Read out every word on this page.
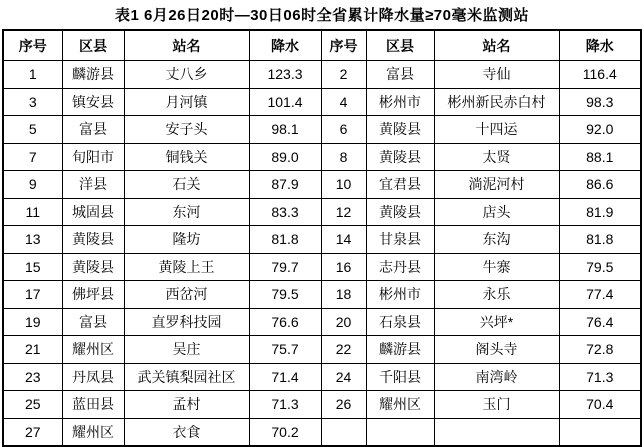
表1 6月26日20时—30日06时全省累计降水量≥70毫米监测站
序号	区县	站名	降水	序号	区县	站名	降水
1	麟游县	丈八乡	123.3	2	富县	寺仙	116.4
3	镇安县	月河镇	101.4	4	彬州市	彬州新民赤白村	98.3
5	富县	安子头	98.1	6	黄陵县	十四运	92.0
7	旬阳市	铜钱关	89.0	8	黄陵县	太贤	88.1
9	洋县	石关	87.9	10	宜君县	淌泥河村	86.6
11	城固县	东河	83.3	12	黄陵县	店头	81.9
13	黄陵县	隆坊	81.8	14	甘泉县	东沟	81.8
15	黄陵县	黄陵上王	79.7	16	志丹县	牛寨	79.5
17	佛坪县	西岔河	79.5	18	彬州市	永乐	77.4
19	富县	直罗科技园	76.6	20	石泉县	兴坪*	76.4
21	耀州区	吴庄	75.7	22	麟游县	阁头寺	72.8
23	丹凤县	武关镇梨园社区	71.4	24	千阳县	南湾岭	71.3
25	蓝田县	孟村	71.3	26	耀州区	玉门	70.4
27	耀州区	衣食	70.2				
